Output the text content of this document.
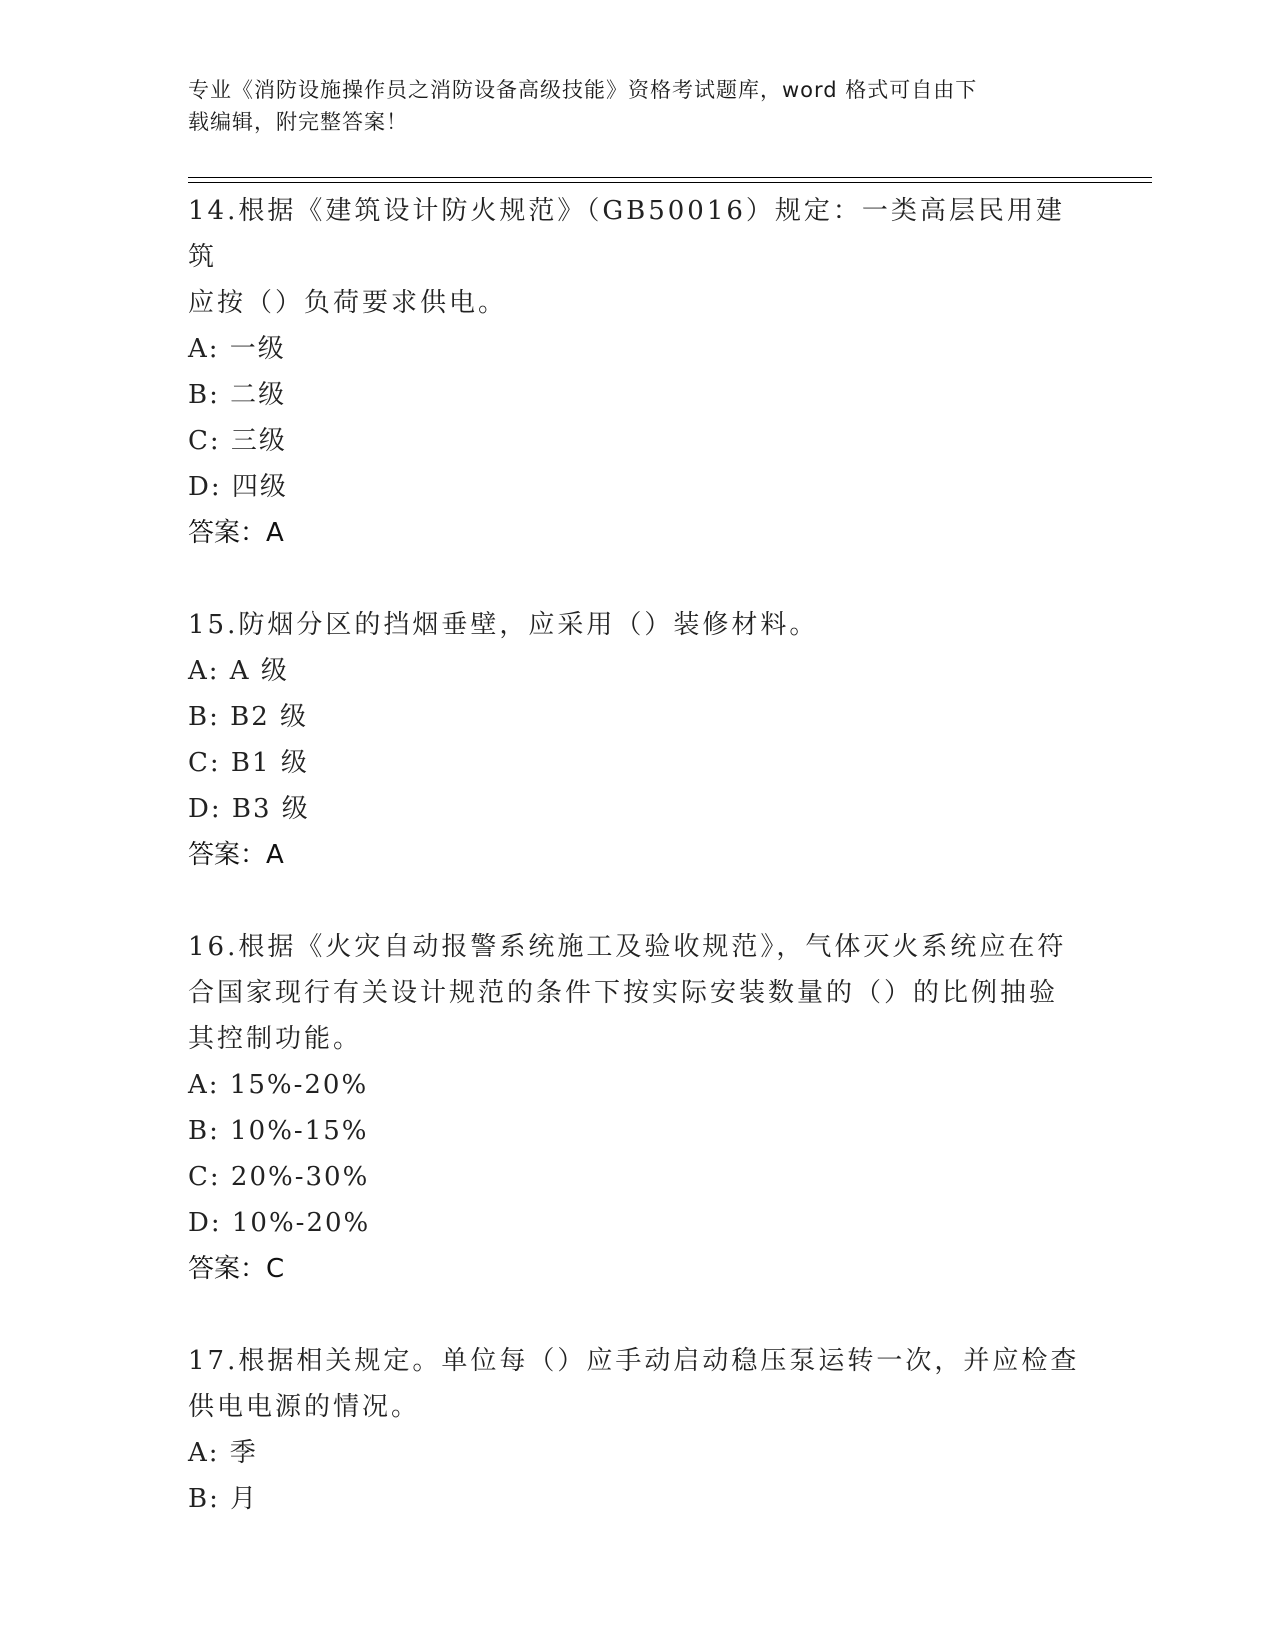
专业《消防设施操作员之消防设备高级技能》资格考试题库，word 格式可自由下
载编辑，附完整答案！
14.根据《建筑设计防火规范》（GB50016）规定：一类高层民用建筑
应按（）负荷要求供电。
A: 一级
B: 二级
C: 三级
D: 四级
答案：A
15.防烟分区的挡烟垂壁，应采用（）装修材料。
A: A 级
B: B2 级
C: B1 级
D: B3 级
答案：A
16.根据《火灾自动报警系统施工及验收规范》，气体灭火系统应在符
合国家现行有关设计规范的条件下按实际安装数量的（）的比例抽验
其控制功能。
A: 15%-20%
B: 10%-15%
C: 20%-30%
D: 10%-20%
答案：C
17.根据相关规定。单位每（）应手动启动稳压泵运转一次，并应检查
供电电源的情况。
A: 季
B: 月
